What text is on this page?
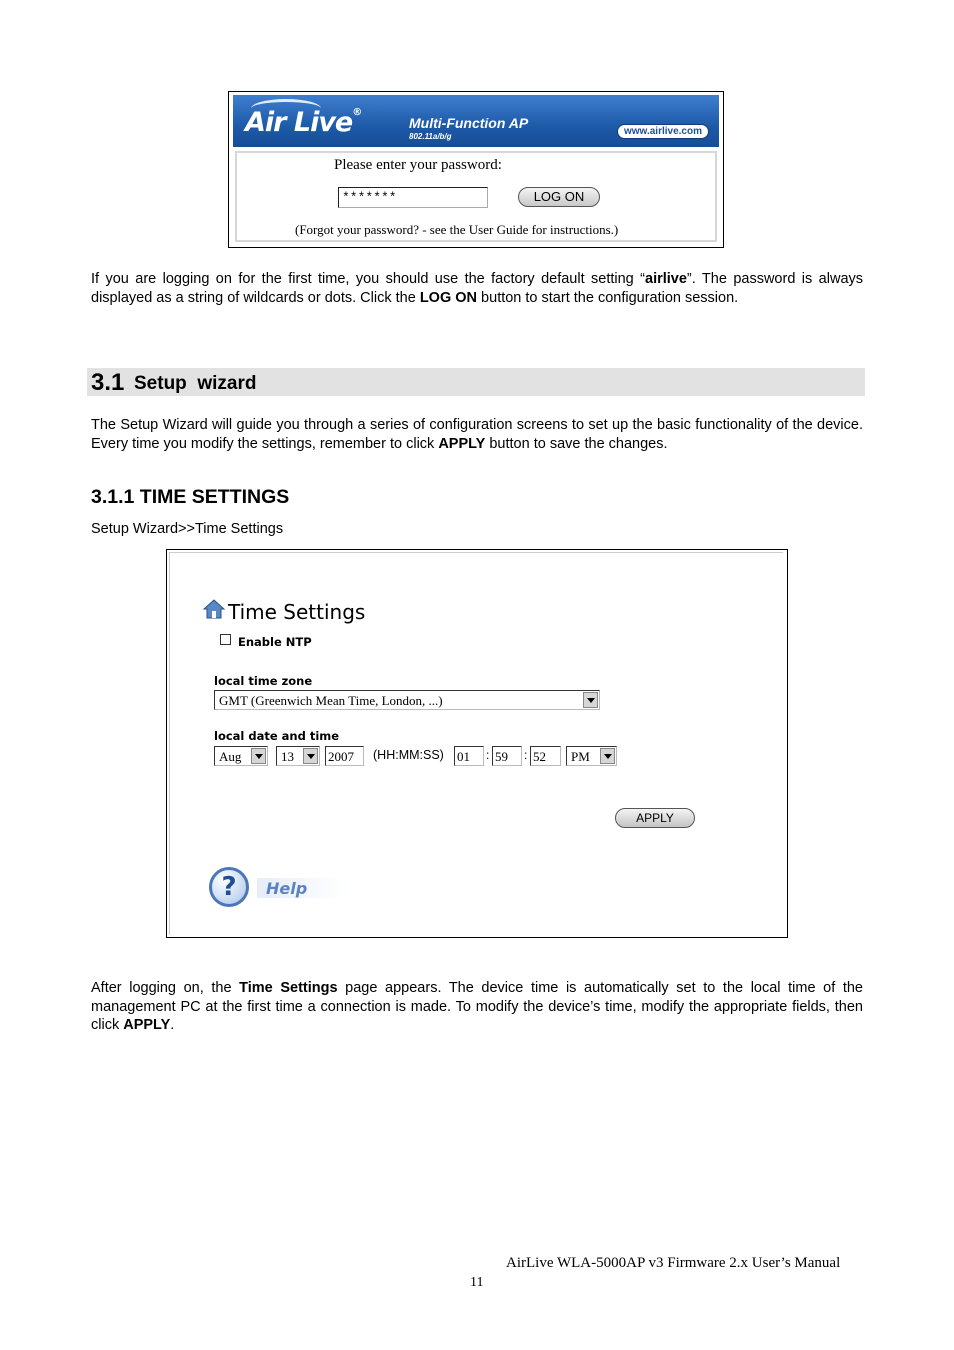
Air Live®
Multi-Function AP
802.11a/b/g	www.airlive.com
Please enter your password:
*******	LOG ON
(Forgot your password? - see the User Guide for instructions.)
If you are logging on for the first time, you should use the factory default setting “airlive”. The password is always displayed as a string of wildcards or dots. Click the LOG ON button to start the configuration session.
3.1 Setup  wizard
The Setup Wizard will guide you through a series of configuration screens to set up the basic functionality of the device. Every time you modify the settings, remember to click APPLY button to save the changes.
3.1.1 TIME SETTINGS
Setup Wizard>>Time Settings
Time Settings
Enable NTP
local time zone
GMT (Greenwich Mean Time, London, ...)
local date and time
Aug	13	2007	(HH:MM:SS) 01	: 59	: 52	PM
APPLY
?	Help
After logging on, the Time Settings page appears. The device time is automatically set to the local time of the management PC at the first time a connection is made. To modify the device’s time, modify the appropriate fields, then click APPLY.
AirLive WLA-5000AP v3 Firmware 2.x User’s Manual
11
